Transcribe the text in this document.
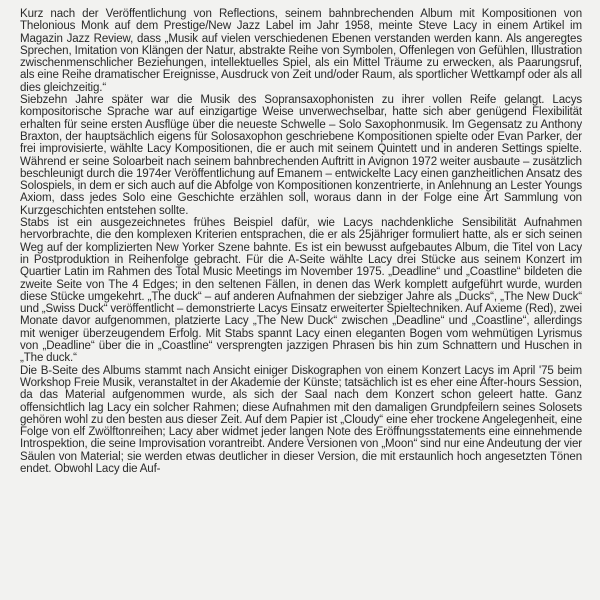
Kurz nach der Veröffentlichung von Reflections, seinem bahnbrechenden Album mit Kompositionen von Thelonious Monk auf dem Prestige/New Jazz Label im Jahr 1958, meinte Steve Lacy in einem Artikel im Magazin Jazz Review, dass „Musik auf vielen verschiedenen Ebenen verstanden werden kann. Als angeregtes Sprechen, Imitation von Klängen der Natur, abstrakte Reihe von Symbolen, Offenlegen von Gefühlen, Illustration zwischenmenschlicher Beziehungen, intellektuelles Spiel, als ein Mittel Träume zu erwecken, als Paarungsruf, als eine Reihe dramatischer Ereignisse, Ausdruck von Zeit und/oder Raum, als sportlicher Wettkampf oder als all dies gleichzeitig.“

Siebzehn Jahre später war die Musik des Sopransaxophonisten zu ihrer vollen Reife gelangt. Lacys kompositorische Sprache war auf einzigartige Weise unverwechselbar, hatte sich aber genügend Flexibilität erhalten für seine ersten Ausflüge über die neueste Schwelle – Solo Saxophonmusik. Im Gegensatz zu Anthony Braxton, der hauptsächlich eigens für Solosaxophon geschriebene Kompositionen spielte oder Evan Parker, der frei improvisierte, wählte Lacy Kompositionen, die er auch mit seinem Quintett und in anderen Settings spielte. Während er seine Soloarbeit nach seinem bahnbrechenden Auftritt in Avignon 1972 weiter ausbaute – zusätzlich beschleunigt durch die 1974er Veröffentlichung auf Emanem – entwickelte Lacy einen ganzheitlichen Ansatz des Solospiels, in dem er sich auch auf die Abfolge von Kompositionen konzentrierte, in Anlehnung an Lester Youngs Axiom, dass jedes Solo eine Geschichte erzählen soll, woraus dann in der Folge eine Art Sammlung von Kurzgeschichten entstehen sollte.

Stabs ist ein ausgezeichnetes frühes Beispiel dafür, wie Lacys nachdenkliche Sensibilität Aufnahmen hervorbrachte, die den komplexen Kriterien entsprachen, die er als 25jähriger formuliert hatte, als er sich seinen Weg auf der komplizierten New Yorker Szene bahnte. Es ist ein bewusst aufgebautes Album, die Titel von Lacy in Postproduktion in Reihenfolge gebracht. Für die A-Seite wählte Lacy drei Stücke aus seinem Konzert im Quartier Latin im Rahmen des Total Music Meetings im November 1975. „Deadline“ und „Coastline“ bildeten die zweite Seite von The 4 Edges; in den seltenen Fällen, in denen das Werk komplett aufgeführt wurde, wurden diese Stücke umgekehrt. „The duck“ – auf anderen Aufnahmen der siebziger Jahre als „Ducks“, „The New Duck“ und „Swiss Duck“ veröffentlicht – demonstrierte Lacys Einsatz erweiterter Spieltechniken. Auf Axieme (Red), zwei Monate davor aufgenommen, platzierte Lacy „The New Duck“ zwischen „Deadline“ und „Coastline“, allerdings mit weniger überzeugendem Erfolg. Mit Stabs spannt Lacy einen eleganten Bogen vom wehmütigen Lyrismus von „Deadline“ über die in „Coastline“ versprengten jazzigen Phrasen bis hin zum Schnattern und Huschen in „The duck.“

Die B-Seite des Albums stammt nach Ansicht einiger Diskographen von einem Konzert Lacys im April '75 beim Workshop Freie Musik, veranstaltet in der Akademie der Künste; tatsächlich ist es eher eine After-hours Session, da das Material aufgenommen wurde, als sich der Saal nach dem Konzert schon geleert hatte. Ganz offensichtlich lag Lacy ein solcher Rahmen; diese Aufnahmen mit den damaligen Grundpfeilern seines Solosets gehören wohl zu den besten aus dieser Zeit. Auf dem Papier ist „Cloudy“ eine eher trockene Angelegenheit, eine Folge von elf Zwölftonreihen; Lacy aber widmet jeder langen Note des Eröffnungsstatements eine einnehmende Introspektion, die seine Improvisation vorantreibt. Andere Versionen von „Moon“ sind nur eine Andeutung der vier Säulen von Material; sie werden etwas deutlicher in dieser Version, die mit erstaunlich hoch angesetzten Tönen endet. Obwohl Lacy die Auf-
